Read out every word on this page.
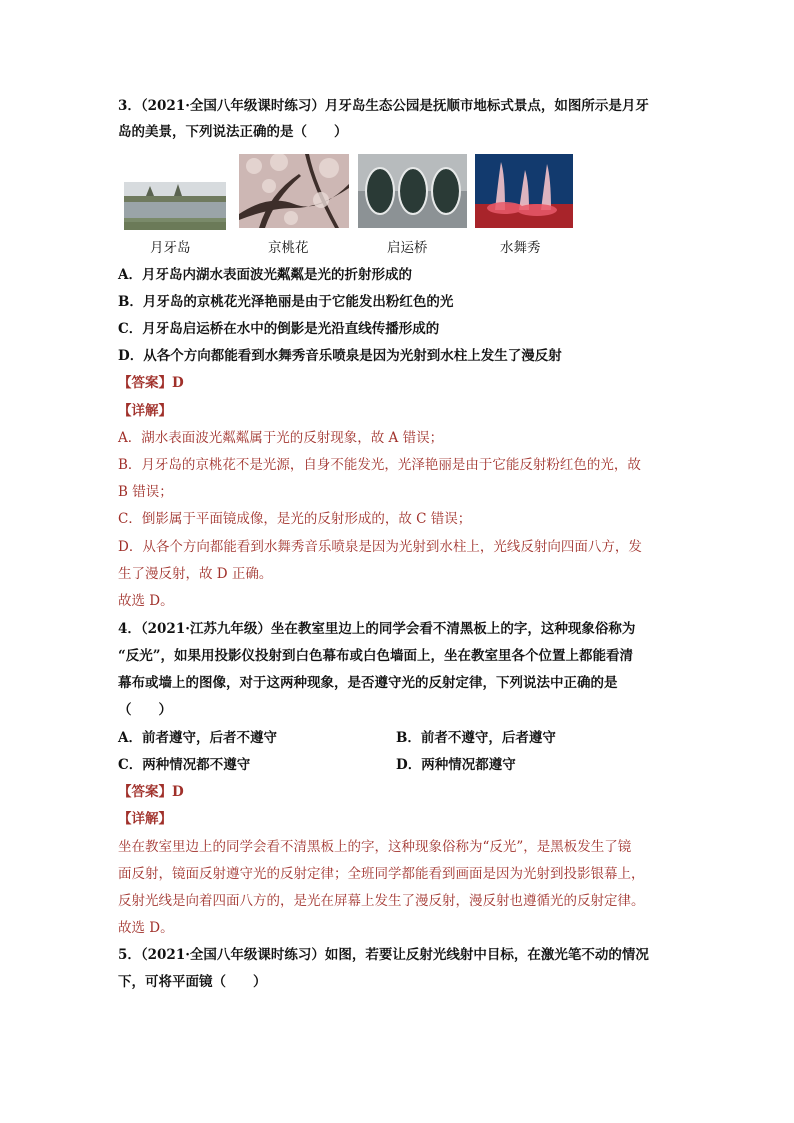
3．（2021·全国八年级课时练习）月牙岛生态公园是抚顺市地标式景点，如图所示是月牙
岛的美景，下列说法正确的是（　　）
月牙岛	京桃花	启运桥	水舞秀
A．月牙岛内湖水表面波光粼粼是光的折射形成的
B．月牙岛的京桃花光泽艳丽是由于它能发出粉红色的光
C．月牙岛启运桥在水中的倒影是光沿直线传播形成的
D．从各个方向都能看到水舞秀音乐喷泉是因为光射到水柱上发生了漫反射
【答案】D
【详解】
A．湖水表面波光粼粼属于光的反射现象，故 A 错误；
B．月牙岛的京桃花不是光源，自身不能发光，光泽艳丽是由于它能反射粉红色的光，故
B 错误；
C．倒影属于平面镜成像，是光的反射形成的，故 C 错误；
D．从各个方向都能看到水舞秀音乐喷泉是因为光射到水柱上，光线反射向四面八方，发
生了漫反射，故 D 正确。
故选 D。
4．（2021·江苏九年级）坐在教室里边上的同学会看不清黑板上的字，这种现象俗称为
“反光”，如果用投影仪投射到白色幕布或白色墙面上，坐在教室里各个位置上都能看清
幕布或墙上的图像，对于这两种现象，是否遵守光的反射定律，下列说法中正确的是
（　　）
A．前者遵守，后者不遵守	B．前者不遵守，后者遵守
C．两种情况都不遵守	D．两种情况都遵守
【答案】D
【详解】
坐在教室里边上的同学会看不清黑板上的字，这种现象俗称为“反光”，是黑板发生了镜
面反射，镜面反射遵守光的反射定律；全班同学都能看到画面是因为光射到投影银幕上，
反射光线是向着四面八方的，是光在屏幕上发生了漫反射，漫反射也遵循光的反射定律。
故选 D。
5．（2021·全国八年级课时练习）如图，若要让反射光线射中目标，在激光笔不动的情况
下，可将平面镜（　　）
